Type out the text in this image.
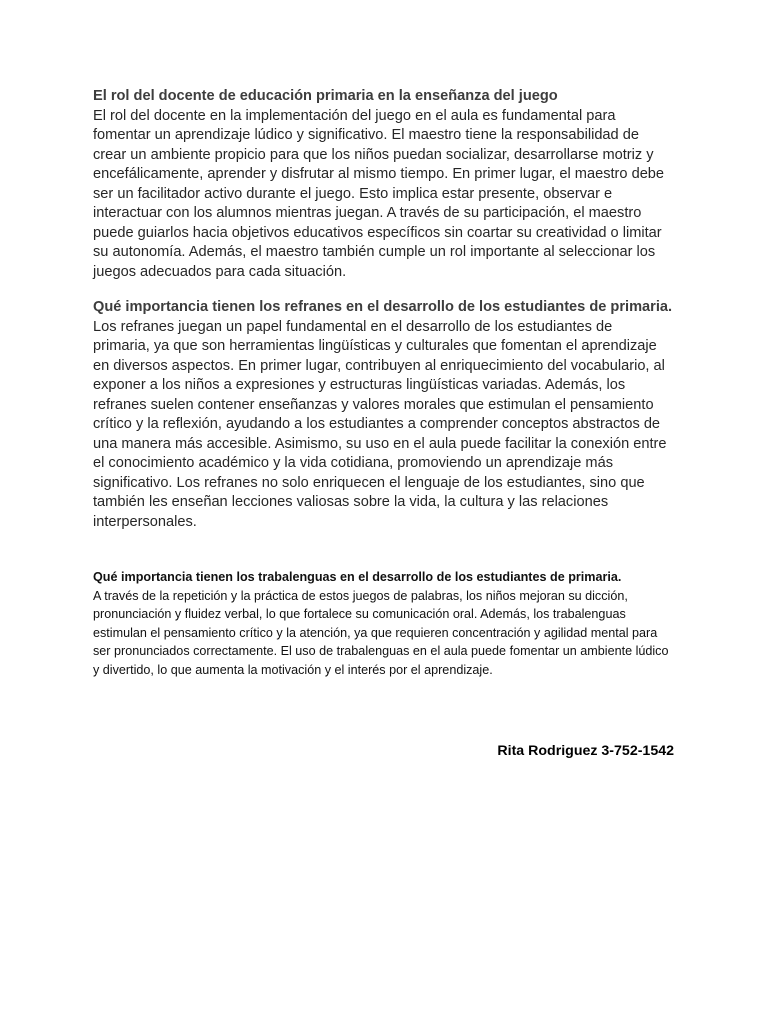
El rol del docente de educación primaria en la enseñanza del juego

El rol del docente en la implementación del juego en el aula es fundamental para fomentar un aprendizaje lúdico y significativo. El maestro tiene la responsabilidad de crear un ambiente propicio para que los niños puedan socializar, desarrollarse motriz y encefálicamente, aprender y disfrutar al mismo tiempo. En primer lugar, el maestro debe ser un facilitador activo durante el juego. Esto implica estar presente, observar e interactuar con los alumnos mientras juegan. A través de su participación, el maestro puede guiarlos hacia objetivos educativos específicos sin coartar su creatividad o limitar su autonomía. Además, el maestro también cumple un rol importante al seleccionar los juegos adecuados para cada situación.

Qué importancia tienen los refranes en el desarrollo de los estudiantes de primaria.

Los refranes juegan un papel fundamental en el desarrollo de los estudiantes de primaria, ya que son herramientas lingüísticas y culturales que fomentan el aprendizaje en diversos aspectos. En primer lugar, contribuyen al enriquecimiento del vocabulario, al exponer a los niños a expresiones y estructuras lingüísticas variadas. Además, los refranes suelen contener enseñanzas y valores morales que estimulan el pensamiento crítico y la reflexión, ayudando a los estudiantes a comprender conceptos abstractos de una manera más accesible. Asimismo, su uso en el aula puede facilitar la conexión entre el conocimiento académico y la vida cotidiana, promoviendo un aprendizaje más significativo. Los refranes no solo enriquecen el lenguaje de los estudiantes, sino que también les enseñan lecciones valiosas sobre la vida, la cultura y las relaciones interpersonales.

Qué importancia tienen los trabalenguas en el desarrollo de los estudiantes de primaria.

A través de la repetición y la práctica de estos juegos de palabras, los niños mejoran su dicción, pronunciación y fluidez verbal, lo que fortalece su comunicación oral. Además, los trabalenguas estimulan el pensamiento crítico y la atención, ya que requieren concentración y agilidad mental para ser pronunciados correctamente. El uso de trabalenguas en el aula puede fomentar un ambiente lúdico y divertido, lo que aumenta la motivación y el interés por el aprendizaje.

Rita Rodriguez 3-752-1542
